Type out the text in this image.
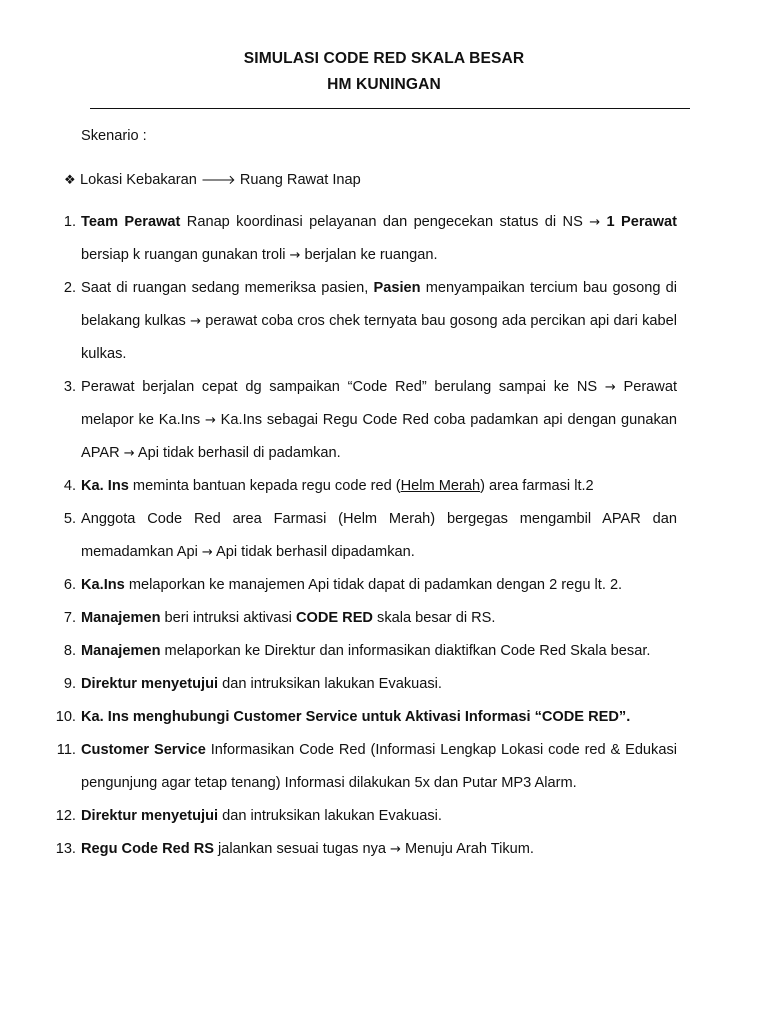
SIMULASI CODE RED SKALA BESAR
HM KUNINGAN
Skenario :
❖ Lokasi Kebakaran 🡒 Ruang Rawat Inap
1. Team Perawat Ranap koordinasi pelayanan dan pengecekan status di NS → 1 Perawat bersiap k ruangan gunakan troli → berjalan ke ruangan.
2. Saat di ruangan sedang memeriksa pasien, Pasien menyampaikan tercium bau gosong di belakang kulkas → perawat coba cros chek ternyata bau gosong ada percikan api dari kabel kulkas.
3. Perawat berjalan cepat dg sampaikan “Code Red” berulang sampai ke NS → Perawat melapor ke Ka.Ins → Ka.Ins sebagai Regu Code Red coba padamkan api dengan gunakan APAR → Api tidak berhasil di padamkan.
4. Ka. Ins meminta bantuan kepada regu code red (Helm Merah) area farmasi lt.2
5. Anggota Code Red area Farmasi (Helm Merah) bergegas mengambil APAR dan memadamkan Api → Api tidak berhasil dipadamkan.
6. Ka.Ins melaporkan ke manajemen Api tidak dapat di padamkan dengan 2 regu lt. 2.
7. Manajemen beri intruksi aktivasi CODE RED skala besar di RS.
8. Manajemen melaporkan ke Direktur dan informasikan diaktifkan Code Red Skala besar.
9. Direktur menyetujui dan intruksikan lakukan Evakuasi.
10. Ka. Ins menghubungi Customer Service untuk Aktivasi Informasi “CODE RED”.
11. Customer Service Informasikan Code Red (Informasi Lengkap Lokasi code red & Edukasi pengunjung agar tetap tenang) Informasi dilakukan 5x dan Putar MP3 Alarm.
12. Direktur menyetujui dan intruksikan lakukan Evakuasi.
13. Regu Code Red RS jalankan sesuai tugas nya → Menuju Arah Tikum.
